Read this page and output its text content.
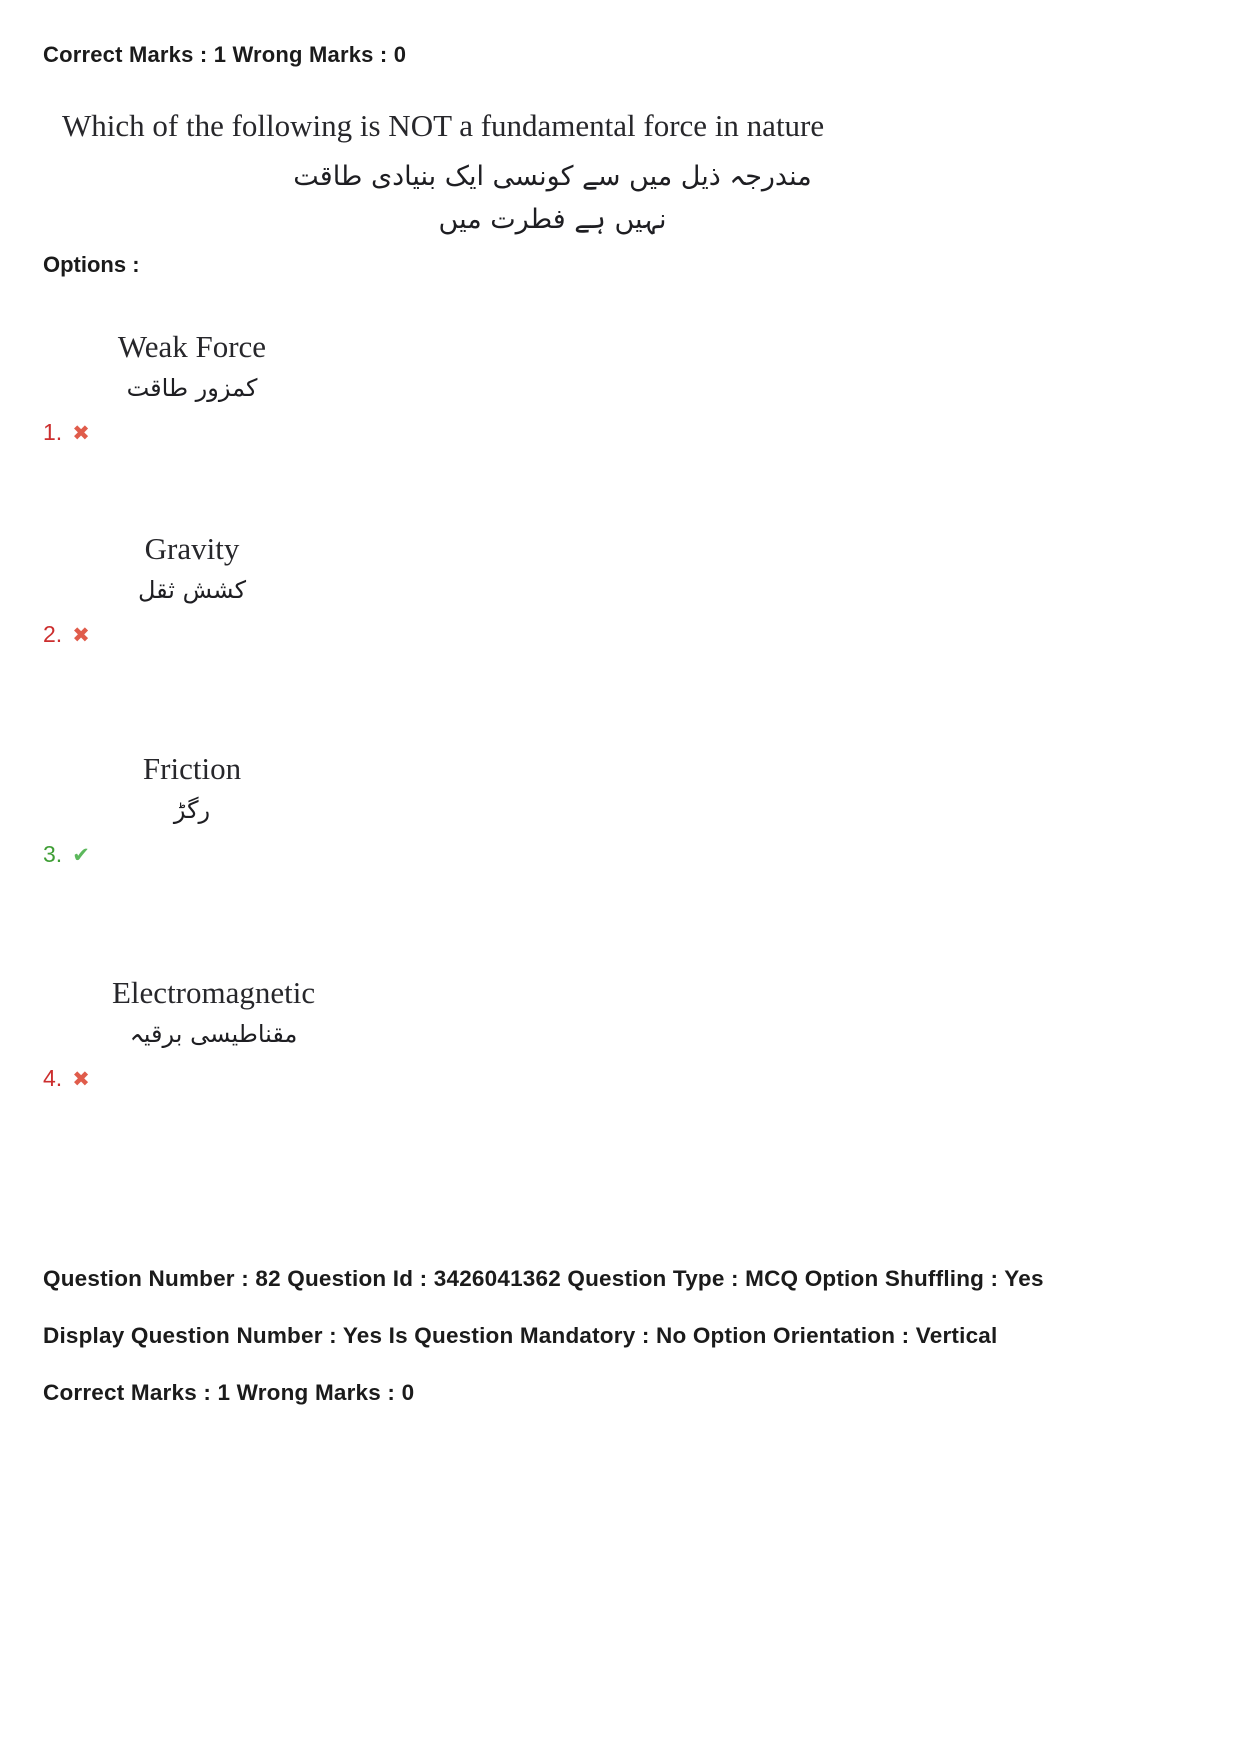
Correct Marks : 1 Wrong Marks : 0
Which of the following is NOT a fundamental force in nature
مندرجہ ذیل میں سے کونسی ایک بنیادی طاقت نہیں ہے فطرت میں
Options :
Weak Force
کمزور طاقت
1. ✖
Gravity
کشش ثقل
2. ✖
Friction
رگڑ
3. ✔
Electromagnetic
مقناطیسی برقیہ
4. ✖
Question Number : 82 Question Id : 3426041362 Question Type : MCQ Option Shuffling : Yes
Display Question Number : Yes Is Question Mandatory : No Option Orientation : Vertical
Correct Marks : 1 Wrong Marks : 0
